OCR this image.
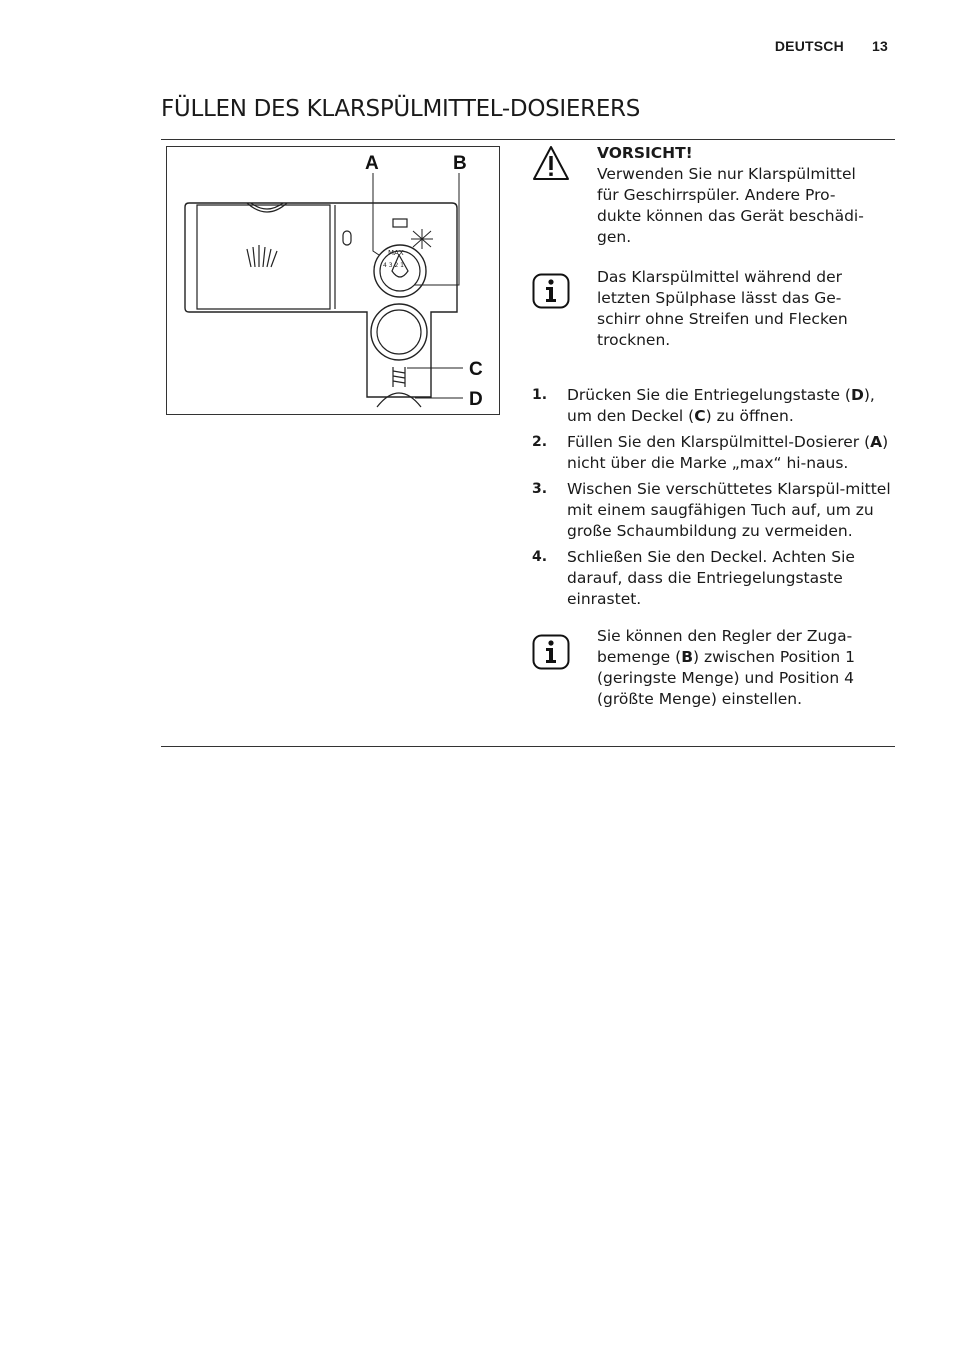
DEUTSCH 13
FÜLLEN DES KLARSPÜLMITTEL-DOSIERERS
MAX
4 3 2 1
A	B
C
D
VORSICHT!
Verwenden Sie nur Klarspülmittel
für Geschirrspüler. Andere Pro-
dukte können das Gerät beschädi-
gen.
Das Klarspülmittel während der
letzten Spülphase lässt das Ge-
schirr ohne Streifen und Flecken
trocknen.
1. Drücken Sie die Entriegelungstaste (D), um den Deckel (C) zu öffnen.
2. Füllen Sie den Klarspülmittel-Dosierer (A) nicht über die Marke „max“ hi-naus.
3. Wischen Sie verschüttetes Klarspül-mittel mit einem saugfähigen Tuch auf, um zu große Schaumbildung zu vermeiden.
4. Schließen Sie den Deckel. Achten Sie darauf, dass die Entriegelungstaste einrastet.
Sie können den Regler der Zuga-bemenge (B) zwischen Position 1 (geringste Menge) und Position 4 (größte Menge) einstellen.
